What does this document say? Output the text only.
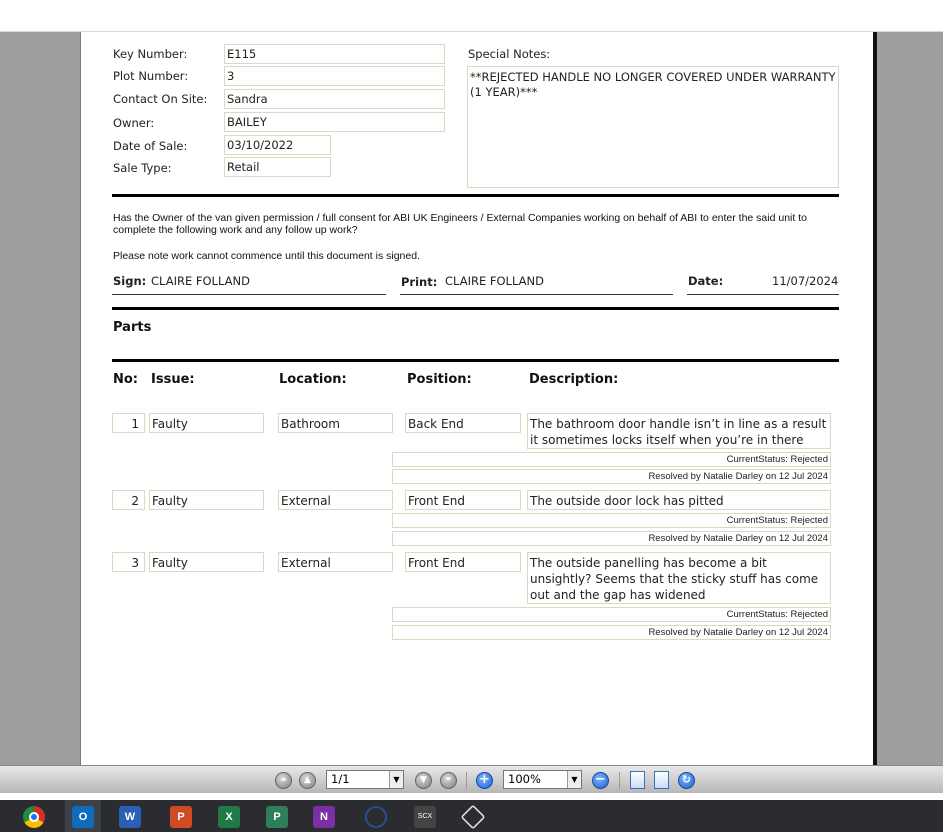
Key Number:	E115
Plot Number:	3
Contact On Site: Sandra
Owner:	BAILEY
Date of Sale:	03/10/2022
Sale Type:	Retail
Special Notes:
**REJECTED HANDLE NO LONGER COVERED UNDER WARRANTY (1 YEAR)***
Has the Owner of the van given permission / full consent for ABI UK Engineers / External Companies working on behalf of ABI to enter the said unit to complete the following work and any follow up work?
Please note work cannot commence until this document is signed.
Sign: CLAIRE FOLLAND	Print: CLAIRE FOLLAND	Date:	11/07/2024
Parts
No: Issue:	Location:	Position:	Description:
1	Faulty	Bathroom	Back End	The bathroom door handle isn’t in line as a result it sometimes locks itself when you’re in there
CurrentStatus: Rejected
Resolved by Natalie Darley on 12 Jul 2024
2	Faulty	External	Front End	The outside door lock has pitted
CurrentStatus: Rejected
Resolved by Natalie Darley on 12 Jul 2024
3	Faulty	External	Front End	The outside panelling has become a bit unsightly? Seems that the sticky stuff has come out and the gap has widened
CurrentStatus: Rejected
Resolved by Natalie Darley on 12 Jul 2024
⏶	▲	1/1	▼	▼	⏷	+	100%	▼ −	↻
O	W	P	X	P	N	SCX
